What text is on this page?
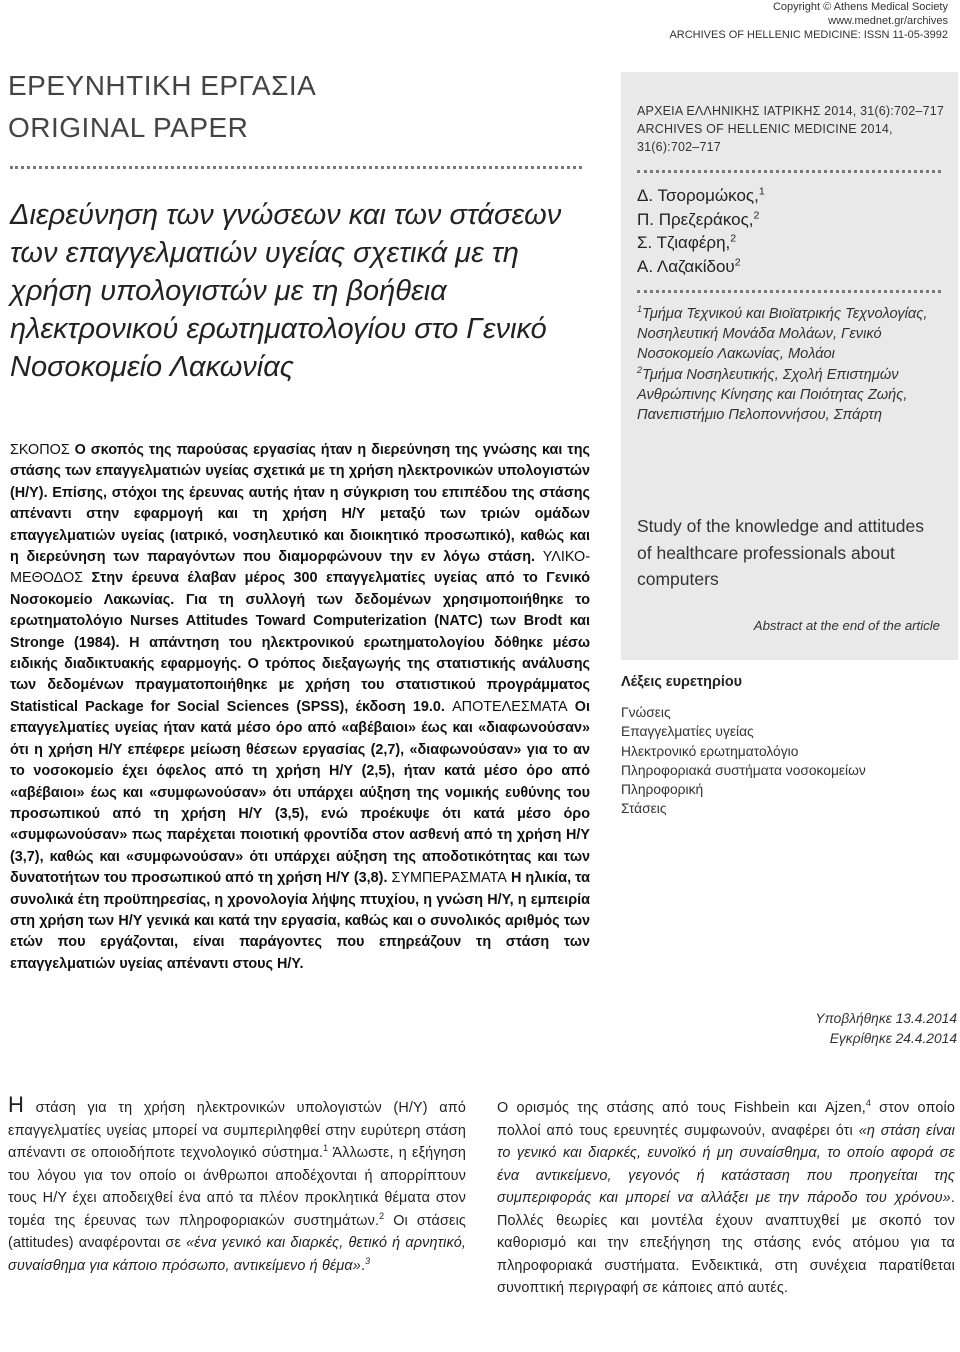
Copyright © Athens Medical Society
www.mednet.gr/archives
ARCHIVES OF HELLENIC MEDICINE: ISSN 11-05-3992
ΕΡΕΥΝΗΤΙΚΗ ΕΡΓΑΣΙΑ
ORIGINAL PAPER
Διερεύνηση των γνώσεων και των στάσεων των επαγγελματιών υγείας σχετικά με τη χρήση υπολογιστών με τη βοήθεια ηλεκτρονικού ερωτηματολογίου στο Γενικό Νοσοκομείο Λακωνίας
ΣΚΟΠΟΣ Ο σκοπός της παρούσας εργασίας ήταν η διερεύνηση της γνώσης και της στάσης των επαγγελματιών υγείας σχετικά με τη χρήση ηλεκτρονικών υπολογιστών (Η/Υ). Επίσης, στόχοι της έρευνας αυτής ήταν η σύγκριση του επιπέδου της στάσης απέναντι στην εφαρμογή και τη χρήση Η/Υ μεταξύ των τριών ομάδων επαγγελματιών υγείας (ιατρικό, νοσηλευτικό και διοικητικό προσωπικό), καθώς και η διερεύνηση των παραγόντων που διαμορφώνουν την εν λόγω στάση. ΥΛΙΚΟ-ΜΕΘΟΔΟΣ Στην έρευνα έλαβαν μέρος 300 επαγγελματίες υγείας από το Γενικό Νοσοκομείο Λακωνίας. Για τη συλλογή των δεδομένων χρησιμοποιήθηκε το ερωτηματολόγιο Nurses Attitudes Toward Computerization (NATC) των Brodt και Stronge (1984). Η απάντηση του ηλεκτρονικού ερωτηματολογίου δόθηκε μέσω ειδικής διαδικτυακής εφαρμογής. Ο τρόπος διεξαγωγής της στατιστικής ανάλυσης των δεδομένων πραγματοποιήθηκε με χρήση του στατιστικού προγράμματος Statistical Package for Social Sciences (SPSS), έκδοση 19.0. ΑΠΟΤΕΛΕΣΜΑΤΑ Οι επαγγελματίες υγείας ήταν κατά μέσο όρο από «αβέβαιοι» έως και «διαφωνούσαν» ότι η χρήση Η/Υ επέφερε μείωση θέσεων εργασίας (2,7), «διαφωνούσαν» για το αν το νοσοκομείο έχει όφελος από τη χρήση Η/Υ (2,5), ήταν κατά μέσο όρο από «αβέβαιοι» έως και «συμφωνούσαν» ότι υπάρχει αύξηση της νομικής ευθύνης του προσωπικού από τη χρήση Η/Υ (3,5), ενώ προέκυψε ότι κατά μέσο όρο «συμφωνούσαν» πως παρέχεται ποιοτική φροντίδα στον ασθενή από τη χρήση Η/Υ (3,7), καθώς και «συμφωνούσαν» ότι υπάρχει αύξηση της αποδοτικότητας και των δυνατοτήτων του προσωπικού από τη χρήση Η/Υ (3,8). ΣΥΜΠΕΡΑΣΜΑΤΑ Η ηλικία, τα συνολικά έτη προϋπηρεσίας, η χρονολογία λήψης πτυχίου, η γνώση Η/Υ, η εμπειρία στη χρήση των Η/Υ γενικά και κατά την εργασία, καθώς και ο συνολικός αριθμός των ετών που εργάζονται, είναι παράγοντες που επηρεάζουν τη στάση των επαγγελματιών υγείας απέναντι στους Η/Υ.
ΑΡΧΕΙΑ ΕΛΛΗΝΙΚΗΣ ΙΑΤΡΙΚΗΣ 2014, 31(6):702–717
ARCHIVES OF HELLENIC MEDICINE 2014, 31(6):702–717
Δ. Τσορομώκος,$^1$
Π. Πρεζεράκος,$^2$
Σ. Τζιαφέρη,$^2$
Α. Λαζακίδου$^2$
$^1$Τμήμα Τεχνικού και Βιοϊατρικής Τεχνολογίας, Νοσηλευτική Μονάδα Μολάων, Γενικό Νοσοκομείο Λακωνίας, Μολάοι
$^2$Τμήμα Νοσηλευτικής, Σχολή Επιστημών Ανθρώπινης Κίνησης και Ποιότητας Ζωής, Πανεπιστήμιο Πελοποννήσου, Σπάρτη
Study of the knowledge and attitudes of healthcare professionals about computers
Abstract at the end of the article
Λέξεις ευρετηρίου
Γνώσεις
Επαγγελματίες υγείας
Ηλεκτρονικό ερωτηματολόγιο
Πληροφοριακά συστήματα νοσοκομείων
Πληροφορική
Στάσεις
Υποβλήθηκε 13.4.2014
Εγκρίθηκε 24.4.2014
Η στάση για τη χρήση ηλεκτρονικών υπολογιστών (Η/Υ) από επαγγελματίες υγείας μπορεί να συμπεριληφθεί στην ευρύτερη στάση απέναντι σε οποιοδήποτε τεχνολογικό σύστημα.$^1$ Άλλωστε, η εξήγηση του λόγου για τον οποίο οι άνθρωποι αποδέχονται ή απορρίπτουν τους Η/Υ έχει αποδειχθεί ένα από τα πλέον προκλητικά θέματα στον τομέα της έρευνας των πληροφοριακών συστημάτων.$^2$ Οι στάσεις (attitudes) αναφέρονται σε «ένα γενικό και διαρκές, θετικό ή αρνητικό, συναίσθημα για κάποιο πρόσωπο, αντικείμενο ή θέμα».$^3$
Ο ορισμός της στάσης από τους Fishbein και Ajzen,$^4$ στον οποίο πολλοί από τους ερευνητές συμφωνούν, αναφέρει ότι «η στάση είναι το γενικό και διαρκές, ευνοϊκό ή μη συναίσθημα, το οποίο αφορά σε ένα αντικείμενο, γεγονός ή κατάσταση που προηγείται της συμπεριφοράς και μπορεί να αλλάξει με την πάροδο του χρόνου». Πολλές θεωρίες και μοντέλα έχουν αναπτυχθεί με σκοπό τον καθορισμό και την επεξήγηση της στάσης ενός ατόμου για τα πληροφοριακά συστήματα. Ενδεικτικά, στη συνέχεια παρατίθεται συνοπτική περιγραφή σε κάποιες από αυτές.
